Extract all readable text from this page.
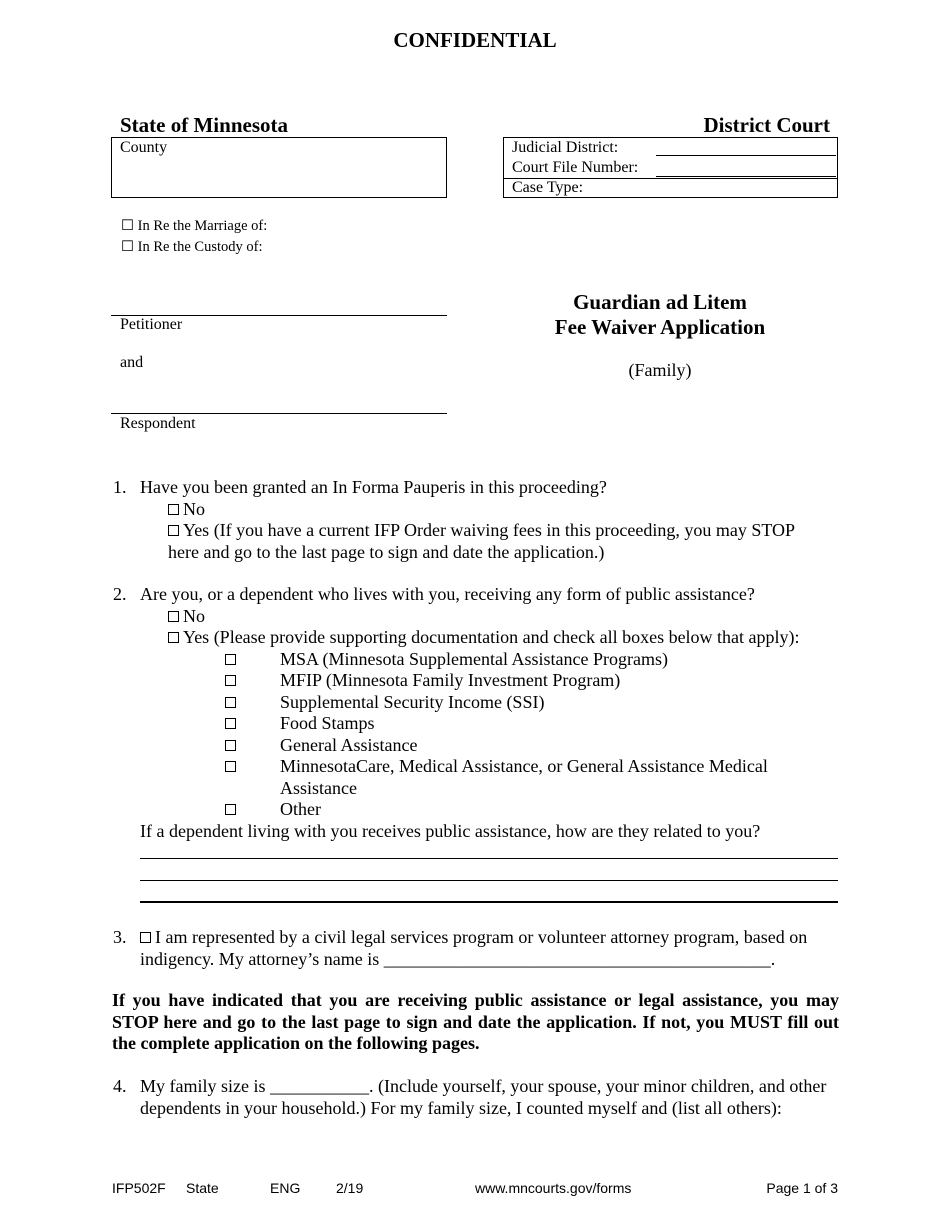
CONFIDENTIAL
State of Minnesota	District Court
County	Judicial District:
Court File Number:
Case Type:
☐ In Re the Marriage of:
☐ In Re the Custody of:
Petitioner
and
Respondent
Guardian ad Litem
Fee Waiver Application
(Family)
1. Have you been granted an In Forma Pauperis in this proceeding?
No
Yes (If you have a current IFP Order waiving fees in this proceeding, you may STOP
here and go to the last page to sign and date the application.)
2. Are you, or a dependent who lives with you, receiving any form of public assistance?
No
Yes (Please provide supporting documentation and check all boxes below that apply):
MSA (Minnesota Supplemental Assistance Programs)
MFIP (Minnesota Family Investment Program)
Supplemental Security Income (SSI)
Food Stamps
General Assistance
MinnesotaCare, Medical Assistance, or General Assistance Medical
Assistance
Other
If a dependent living with you receives public assistance, how are they related to you?
3.	I am represented by a civil legal services program or volunteer attorney program, based on
indigency. My attorney’s name is ___________________________________________.
If you have indicated that you are receiving public assistance or legal assistance, you may STOP here and go to the last page to sign and date the application. If not, you MUST fill out the complete application on the following pages.
4. My family size is ___________. (Include yourself, your spouse, your minor children, and other
dependents in your household.) For my family size, I counted myself and (list all others):
IFP502F State	ENG	2/19	www.mncourts.gov/forms	Page 1 of 3
